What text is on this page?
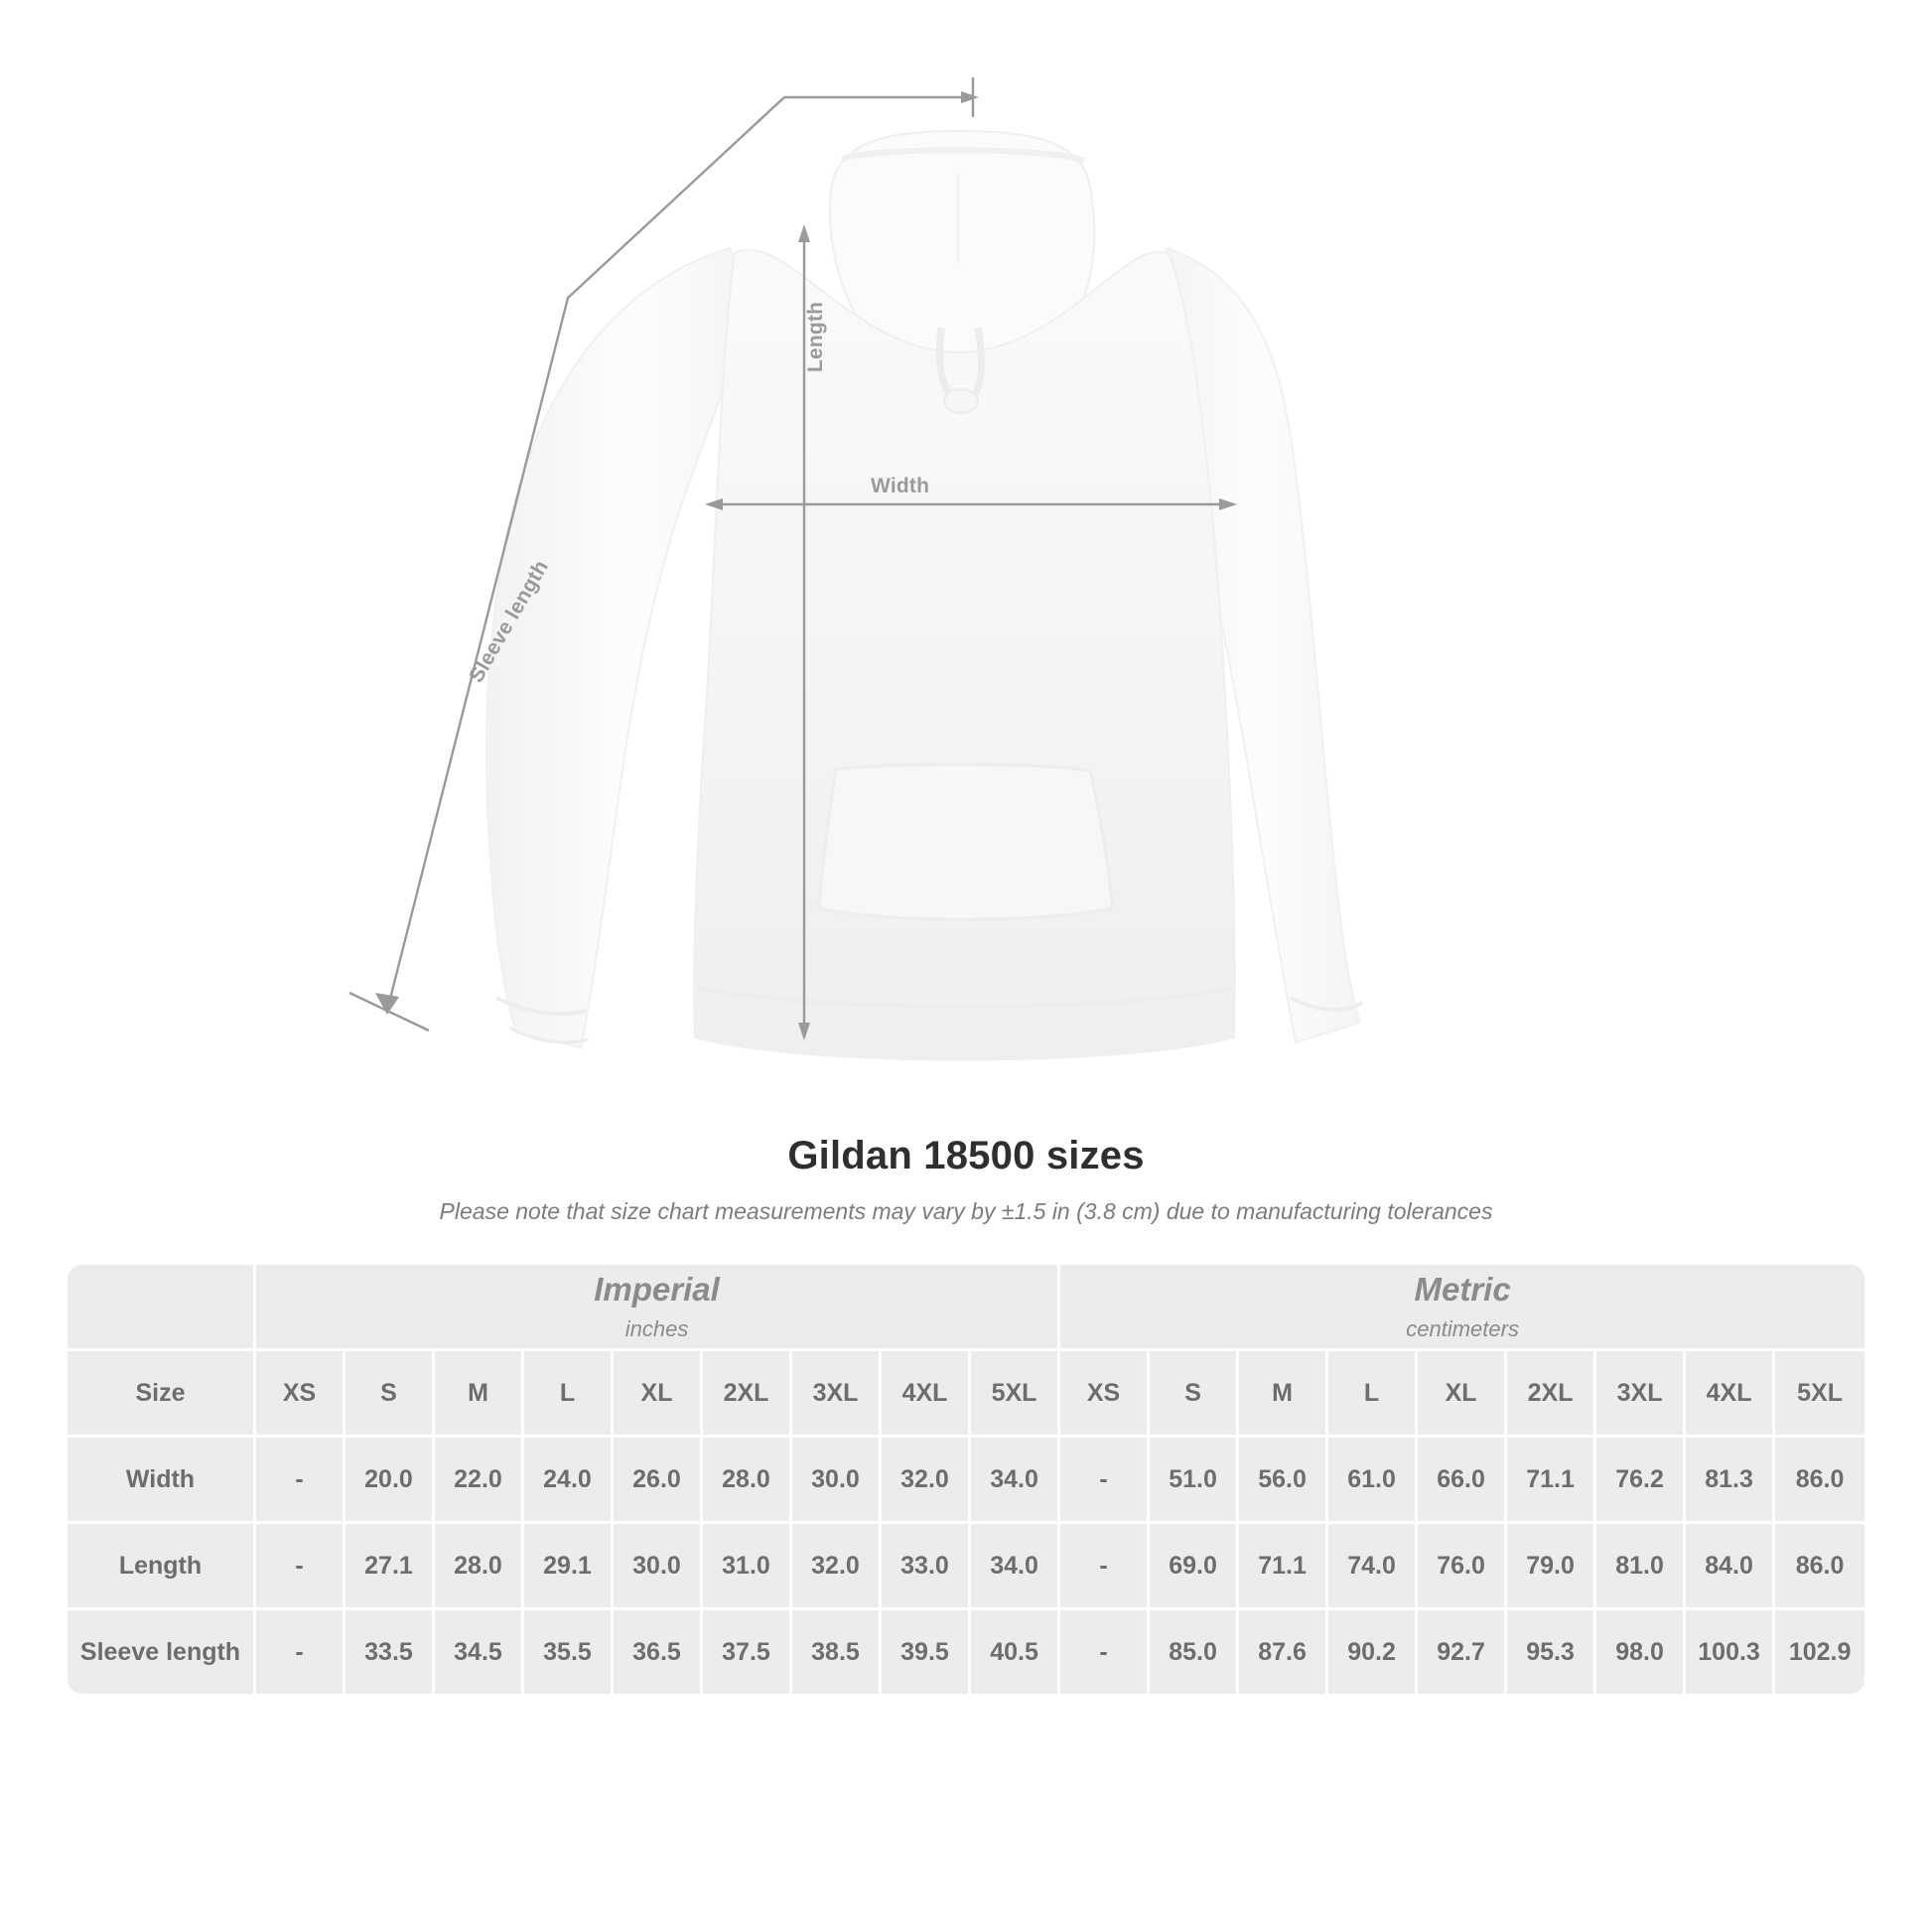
Length
Width
Sleeve length
Gildan 18500 sizes
Please note that size chart measurements may vary by ±1.5 in (3.8 cm) due to manufacturing tolerances

	Imperial
inches									Metric
centimeters								

Size	XS	S	M	L	XL	2XL	3XL	4XL	5XL	XS	S	M	L	XL	2XL	3XL	4XL	5XL
Width	-	20.0	22.0	24.0	26.0	28.0	30.0	32.0	34.0	-	51.0	56.0	61.0	66.0	71.1	76.2	81.3	86.0
Length	-	27.1	28.0	29.1	30.0	31.0	32.0	33.0	34.0	-	69.0	71.1	74.0	76.0	79.0	81.0	84.0	86.0
Sleeve length	-	33.5	34.5	35.5	36.5	37.5	38.5	39.5	40.5	-	85.0	87.6	90.2	92.7	95.3	98.0	100.3	102.9
